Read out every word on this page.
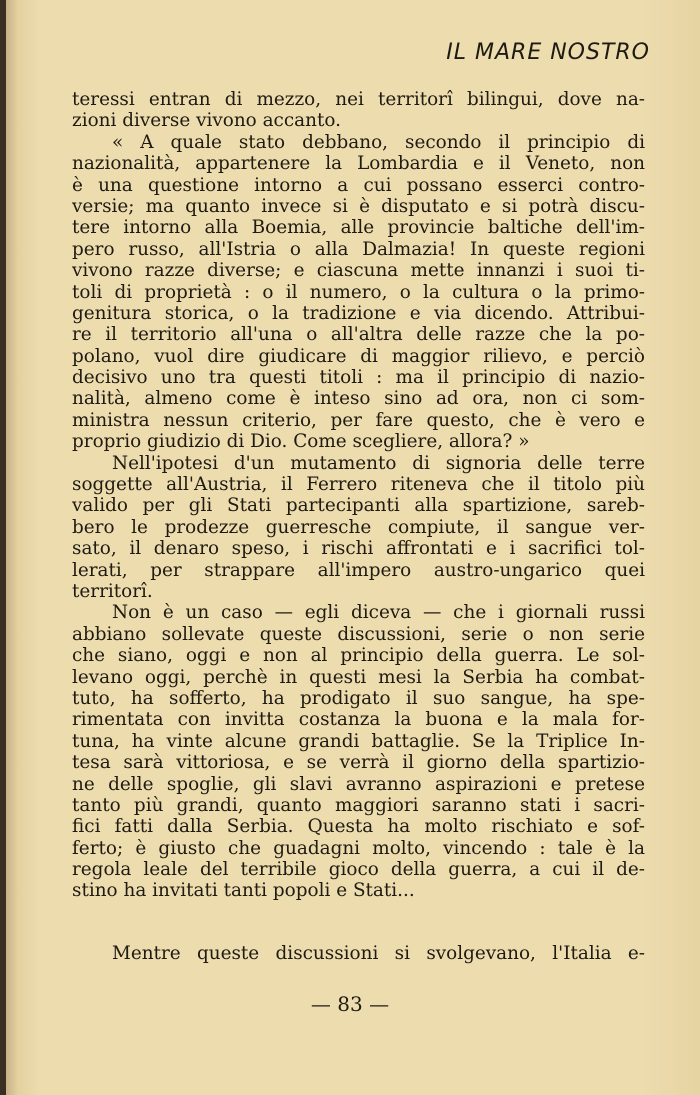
IL MARE NOSTRO
teressi entran di mezzo, nei territorî bilingui, dove na-
zioni diverse vivono accanto.
« A quale stato debbano, secondo il principio di
nazionalità, appartenere la Lombardia e il Veneto, non
è una questione intorno a cui possano esserci contro-
versie; ma quanto invece si è disputato e si potrà discu-
tere intorno alla Boemia, alle provincie baltiche dell'im-
pero russo, all'Istria o alla Dalmazia! In queste regioni
vivono razze diverse; e ciascuna mette innanzi i suoi ti-
toli di proprietà : o il numero, o la cultura o la primo-
genitura storica, o la tradizione e via dicendo. Attribui-
re il territorio all'una o all'altra delle razze che la po-
polano, vuol dire giudicare di maggior rilievo, e perciò
decisivo uno tra questi titoli : ma il principio di nazio-
nalità, almeno come è inteso sino ad ora, non ci som-
ministra nessun criterio, per fare questo, che è vero e
proprio giudizio di Dio. Come scegliere, allora? »
Nell'ipotesi d'un mutamento di signoria delle terre
soggette all'Austria, il Ferrero riteneva che il titolo più
valido per gli Stati partecipanti alla spartizione, sareb-
bero le prodezze guerresche compiute, il sangue ver-
sato, il denaro speso, i rischi affrontati e i sacrifici tol-
lerati, per strappare all'impero austro-ungarico quei
territorî.
Non è un caso — egli diceva — che i giornali russi
abbiano sollevate queste discussioni, serie o non serie
che siano, oggi e non al principio della guerra. Le sol-
levano oggi, perchè in questi mesi la Serbia ha combat-
tuto, ha sofferto, ha prodigato il suo sangue, ha spe-
rimentata con invitta costanza la buona e la mala for-
tuna, ha vinte alcune grandi battaglie. Se la Triplice In-
tesa sarà vittoriosa, e se verrà il giorno della spartizio-
ne delle spoglie, gli slavi avranno aspirazioni e pretese
tanto più grandi, quanto maggiori saranno stati i sacri-
fici fatti dalla Serbia. Questa ha molto rischiato e sof-
ferto; è giusto che guadagni molto, vincendo : tale è la
regola leale del terribile gioco della guerra, a cui il de-
stino ha invitati tanti popoli e Stati...
Mentre queste discussioni si svolgevano, l'Italia e-
— 83 —
